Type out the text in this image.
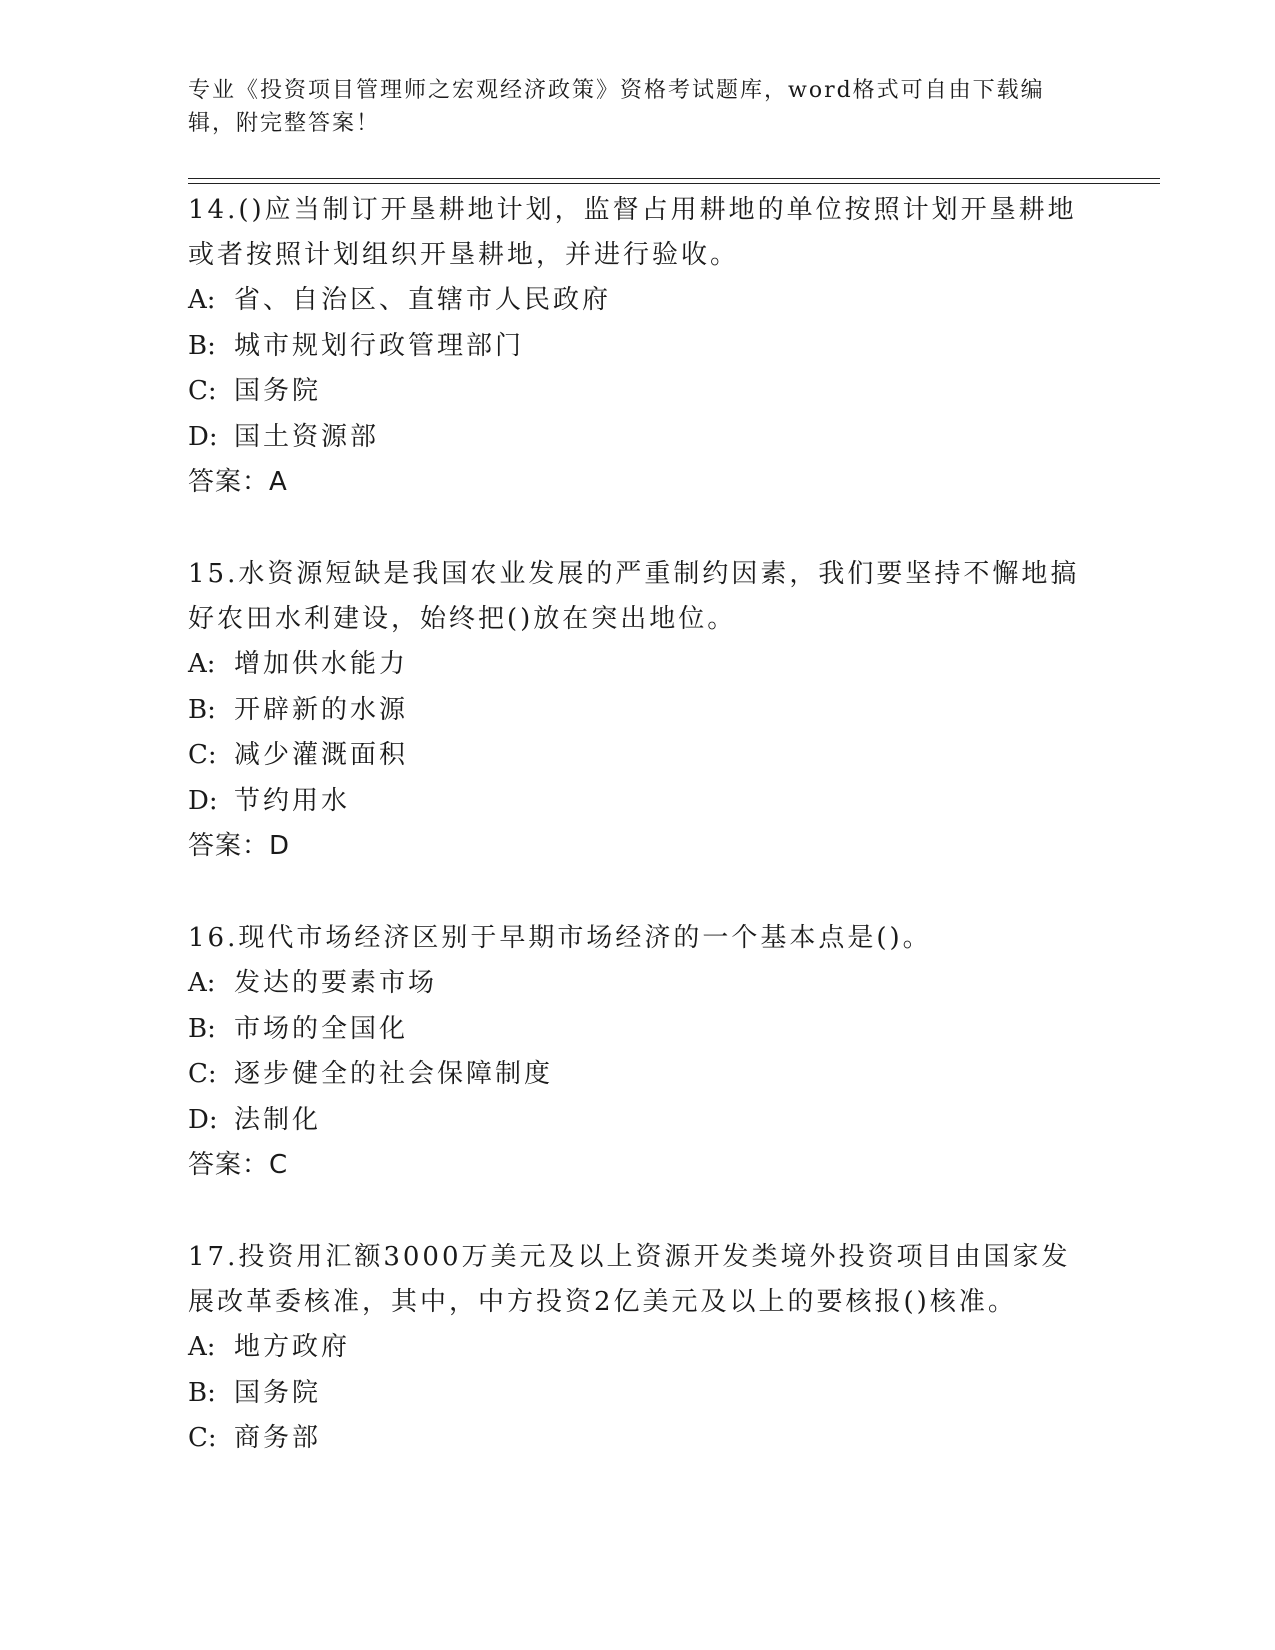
专业《投资项目管理师之宏观经济政策》资格考试题库，word格式可自由下载编辑，附完整答案！

14.()应当制订开垦耕地计划，监督占用耕地的单位按照计划开垦耕地或者按照计划组织开垦耕地，并进行验收。

A: 省、自治区、直辖市人民政府
B: 城市规划行政管理部门
C: 国务院
D: 国土资源部
答案：A

15.水资源短缺是我国农业发展的严重制约因素，我们要坚持不懈地搞好农田水利建设，始终把()放在突出地位。

A: 增加供水能力
B: 开辟新的水源
C: 减少灌溉面积
D: 节约用水
答案：D

16.现代市场经济区别于早期市场经济的一个基本点是()。

A: 发达的要素市场
B: 市场的全国化
C: 逐步健全的社会保障制度
D: 法制化
答案：C

17.投资用汇额3000万美元及以上资源开发类境外投资项目由国家发展改革委核准，其中，中方投资2亿美元及以上的要核报()核准。

A: 地方政府
B: 国务院
C: 商务部
